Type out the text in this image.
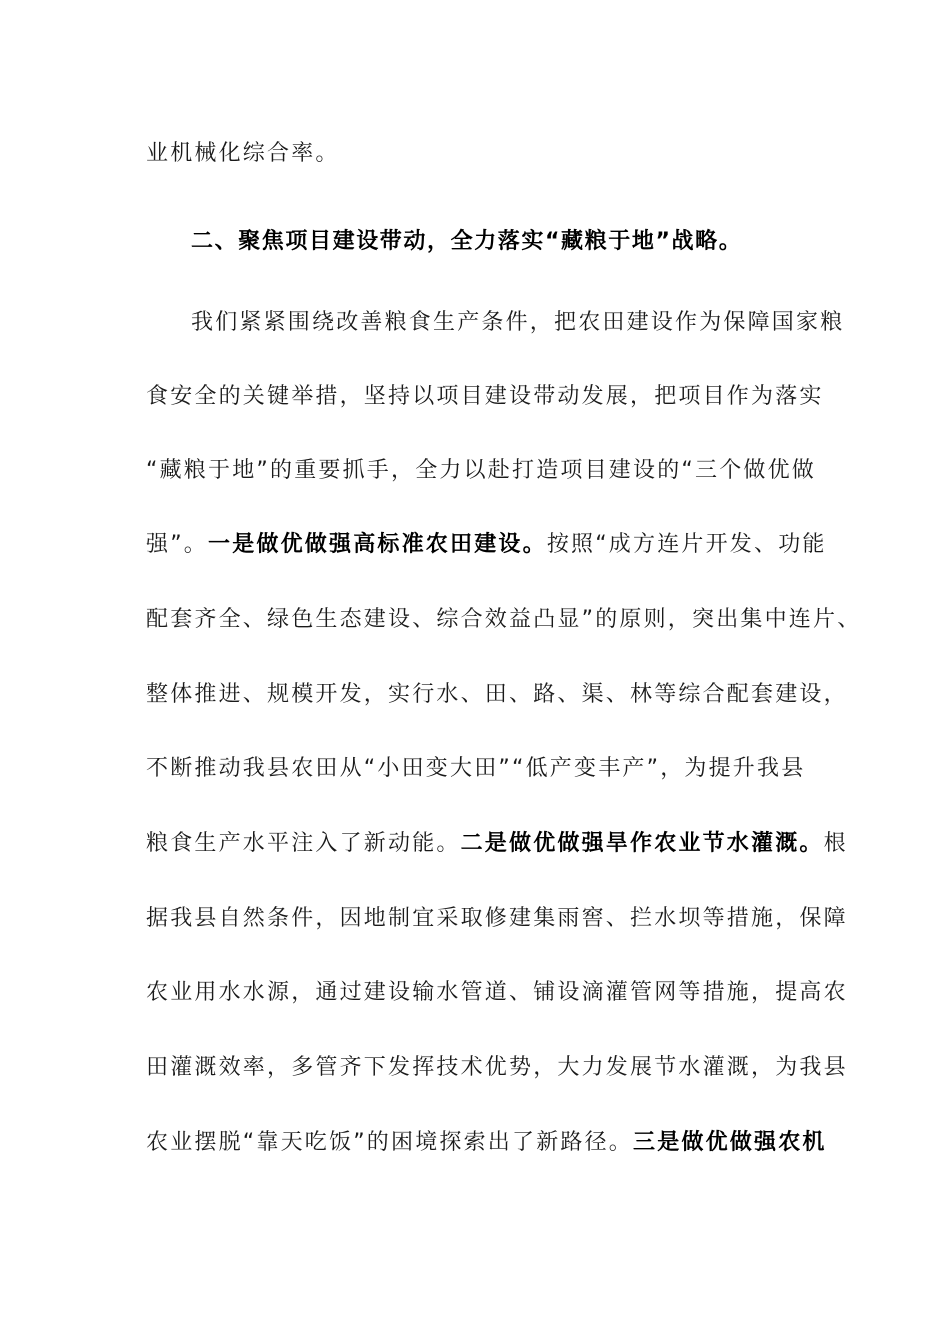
业机械化综合率。
二、聚焦项目建设带动，全力落实“藏粮于地”战略。
我们紧紧围绕改善粮食生产条件，把农田建设作为保障国家粮
食安全的关键举措，坚持以项目建设带动发展，把项目作为落实
“藏粮于地”的重要抓手，全力以赴打造项目建设的“三个做优做
强”。一是做优做强高标准农田建设。按照“成方连片开发、功能
配套齐全、绿色生态建设、综合效益凸显”的原则，突出集中连片、
整体推进、规模开发，实行水、田、路、渠、林等综合配套建设，
不断推动我县农田从“小田变大田”“低产变丰产”，为提升我县
粮食生产水平注入了新动能。二是做优做强旱作农业节水灌溉。根
据我县自然条件，因地制宜采取修建集雨窖、拦水坝等措施，保障
农业用水水源，通过建设输水管道、铺设滴灌管网等措施，提高农
田灌溉效率，多管齐下发挥技术优势，大力发展节水灌溉，为我县
农业摆脱“靠天吃饭”的困境探索出了新路径。三是做优做强农机
